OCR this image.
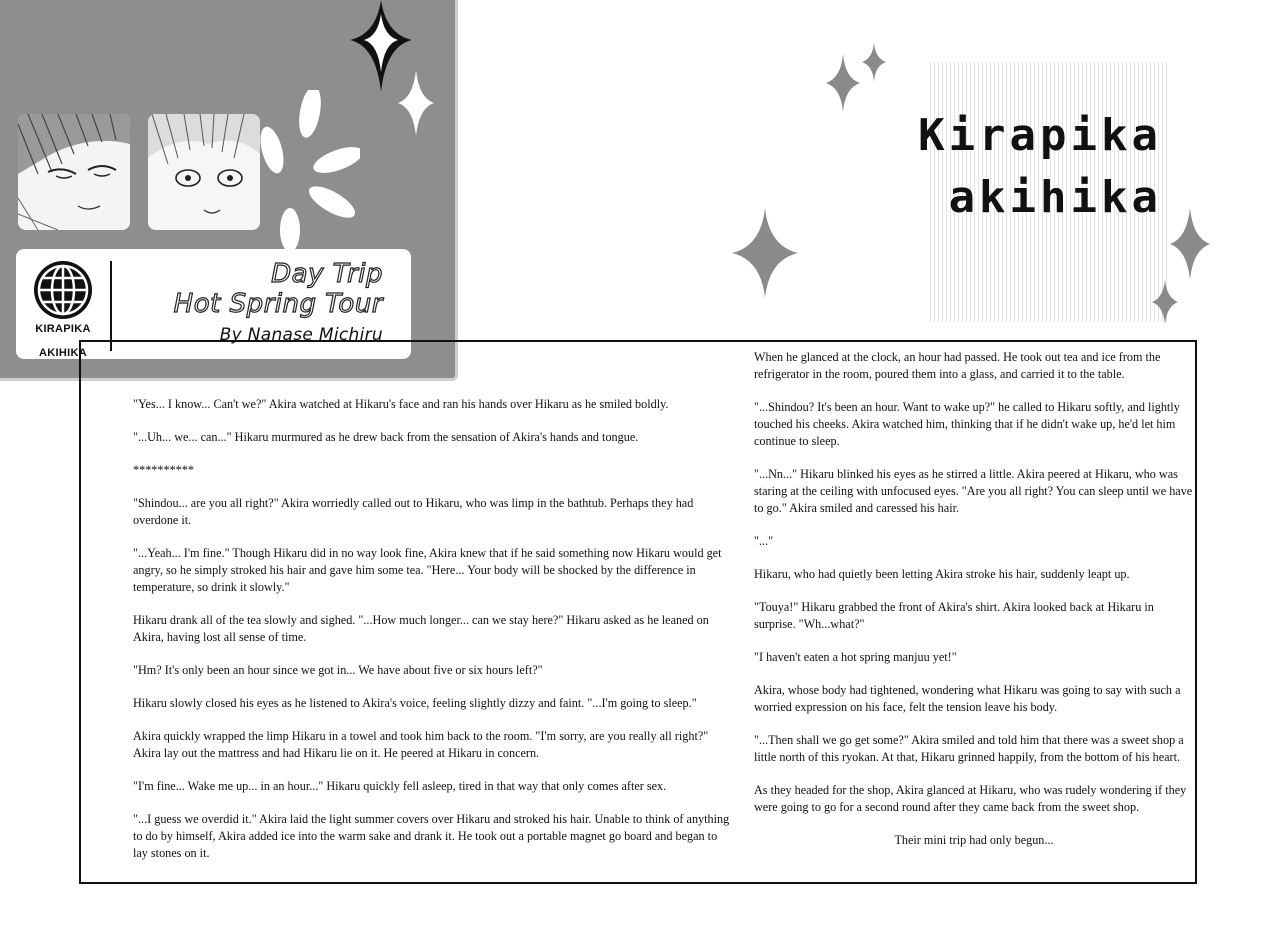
KIRAPIKA
AKIHIKA
Day Trip
Hot Spring Tour
By Nanase Michiru
Kirapika
akihika

"Yes... I know... Can't we?" Akira watched at Hikaru's face and ran his hands over Hikaru as he smiled boldly.

"...Uh... we... can..." Hikaru murmured as he drew back from the sensation of Akira's hands and tongue.

**********

"Shindou... are you all right?" Akira worriedly called out to Hikaru, who was limp in the bathtub. Perhaps they had overdone it.

"...Yeah... I'm fine." Though Hikaru did in no way look fine, Akira knew that if he said something now Hikaru would get angry, so he simply stroked his hair and gave him some tea. "Here... Your body will be shocked by the difference in temperature, so drink it slowly."

Hikaru drank all of the tea slowly and sighed. "...How much longer... can we stay here?" Hikaru asked as he leaned on Akira, having lost all sense of time.

"Hm? It's only been an hour since we got in... We have about five or six hours left?"

Hikaru slowly closed his eyes as he listened to Akira's voice, feeling slightly dizzy and faint. "...I'm going to sleep."

Akira quickly wrapped the limp Hikaru in a towel and took him back to the room. "I'm sorry, are you really all right?" Akira lay out the mattress and had Hikaru lie on it. He peered at Hikaru in concern.

"I'm fine... Wake me up... in an hour..." Hikaru quickly fell asleep, tired in that way that only comes after sex.

"...I guess we overdid it." Akira laid the light summer covers over Hikaru and stroked his hair. Unable to think of anything to do by himself, Akira added ice into the warm sake and drank it. He took out a portable magnet go board and began to lay stones on it.

When he glanced at the clock, an hour had passed. He took out tea and ice from the refrigerator in the room, poured them into a glass, and carried it to the table.

"...Shindou? It's been an hour. Want to wake up?" he called to Hikaru softly, and lightly touched his cheeks. Akira watched him, thinking that if he didn't wake up, he'd let him continue to sleep.

"...Nn..." Hikaru blinked his eyes as he stirred a little. Akira peered at Hikaru, who was staring at the ceiling with unfocused eyes. "Are you all right? You can sleep until we have to go." Akira smiled and caressed his hair.

"..."

Hikaru, who had quietly been letting Akira stroke his hair, suddenly leapt up.

"Touya!" Hikaru grabbed the front of Akira's shirt. Akira looked back at Hikaru in surprise. "Wh...what?"

"I haven't eaten a hot spring manjuu yet!"

Akira, whose body had tightened, wondering what Hikaru was going to say with such a worried expression on his face, felt the tension leave his body.

"...Then shall we go get some?" Akira smiled and told him that there was a sweet shop a little north of this ryokan. At that, Hikaru grinned happily, from the bottom of his heart.

As they headed for the shop, Akira glanced at Hikaru, who was rudely wondering if they were going to go for a second round after they came back from the sweet shop.

Their mini trip had only begun...
